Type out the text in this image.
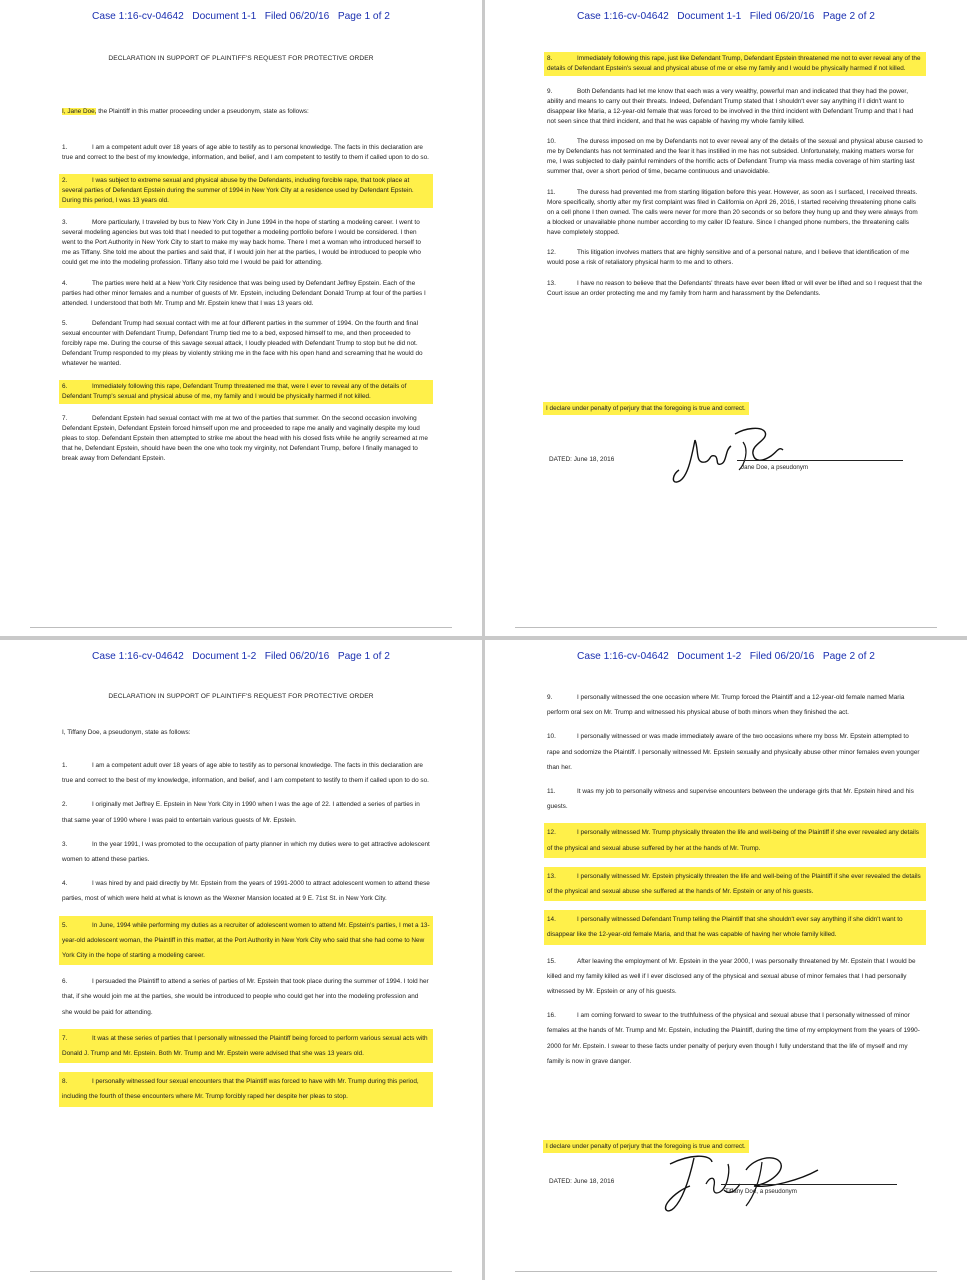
Case 1:16-cv-04642   Document 1-1   Filed 06/20/16   Page 1 of 2
DECLARATION IN SUPPORT OF PLAINTIFF'S REQUEST FOR PROTECTIVE ORDER

I, Jane Doe, the Plaintiff in this matter proceeding under a pseudonym, state as follows:

1.	I am a competent adult over 18 years of age able to testify as to personal knowledge. The facts in this declaration are true and correct to the best of my knowledge, information, and belief, and I am competent to testify to them if called upon to do so.

2.	I was subject to extreme sexual and physical abuse by the Defendants, including forcible rape, that took place at several parties of Defendant Epstein during the summer of 1994 in New York City at a residence used by Defendant Epstein. During this period, I was 13 years old.

3.	More particularly, I traveled by bus to New York City in June 1994 in the hope of starting a modeling career. I went to several modeling agencies but was told that I needed to put together a modeling portfolio before I would be considered. I then went to the Port Authority in New York City to start to make my way back home. There I met a woman who introduced herself to me as Tiffany. She told me about the parties and said that, if I would join her at the parties, I would be introduced to people who could get me into the modeling profession. Tiffany also told me I would be paid for attending.

4.	The parties were held at a New York City residence that was being used by Defendant Jeffrey Epstein. Each of the parties had other minor females and a number of guests of Mr. Epstein, including Defendant Donald Trump at four of the parties I attended. I understood that both Mr. Trump and Mr. Epstein knew that I was 13 years old.

5.	Defendant Trump had sexual contact with me at four different parties in the summer of 1994. On the fourth and final sexual encounter with Defendant Trump, Defendant Trump tied me to a bed, exposed himself to me, and then proceeded to forcibly rape me. During the course of this savage sexual attack, I loudly pleaded with Defendant Trump to stop but he did not. Defendant Trump responded to my pleas by violently striking me in the face with his open hand and screaming that he would do whatever he wanted.

6.	Immediately following this rape, Defendant Trump threatened me that, were I ever to reveal any of the details of Defendant Trump's sexual and physical abuse of me, my family and I would be physically harmed if not killed.

7.	Defendant Epstein had sexual contact with me at two of the parties that summer. On the second occasion involving Defendant Epstein, Defendant Epstein forced himself upon me and proceeded to rape me anally and vaginally despite my loud pleas to stop. Defendant Epstein then attempted to strike me about the head with his closed fists while he angrily screamed at me that he, Defendant Epstein, should have been the one who took my virginity, not Defendant Trump, before I finally managed to break away from Defendant Epstein.

Case 1:16-cv-04642   Document 1-1   Filed 06/20/16   Page 2 of 2

8.	Immediately following this rape, just like Defendant Trump, Defendant Epstein threatened me not to ever reveal any of the details of Defendant Epstein's sexual and physical abuse of me or else my family and I would be physically harmed if not killed.

9.	Both Defendants had let me know that each was a very wealthy, powerful man and indicated that they had the power, ability and means to carry out their threats. Indeed, Defendant Trump stated that I shouldn't ever say anything if I didn't want to disappear like Maria, a 12-year-old female that was forced to be involved in the third incident with Defendant Trump and that I had not seen since that third incident, and that he was capable of having my whole family killed.

10.	The duress imposed on me by Defendants not to ever reveal any of the details of the sexual and physical abuse caused to me by Defendants has not terminated and the fear it has instilled in me has not subsided. Unfortunately, making matters worse for me, I was subjected to daily painful reminders of the horrific acts of Defendant Trump via mass media coverage of him starting last summer that, over a short period of time, became continuous and unavoidable.

11.	The duress had prevented me from starting litigation before this year. However, as soon as I surfaced, I received threats. More specifically, shortly after my first complaint was filed in California on April 26, 2016, I started receiving threatening phone calls on a cell phone I then owned. The calls were never for more than 20 seconds or so before they hung up and they were always from a blocked or unavailable phone number according to my caller ID feature. Since I changed phone numbers, the threatening calls have completely stopped.

12.	This litigation involves matters that are highly sensitive and of a personal nature, and I believe that identification of me would pose a risk of retaliatory physical harm to me and to others.

13.	I have no reason to believe that the Defendants' threats have ever been lifted or will ever be lifted and so I request that the Court issue an order protecting me and my family from harm and harassment by the Defendants.

I declare under penalty of perjury that the foregoing is true and correct.
DATED: June 18, 2016
Jane Doe, a pseudonym
Case 1:16-cv-04642   Document 1-2   Filed 06/20/16   Page 1 of 2
DECLARATION IN SUPPORT OF PLAINTIFF'S REQUEST FOR PROTECTIVE ORDER

I, Tiffany Doe, a pseudonym, state as follows:

1.	I am a competent adult over 18 years of age able to testify as to personal knowledge. The facts in this declaration are true and correct to the best of my knowledge, information, and belief, and I am competent to testify to them if called upon to do so.

2.	I originally met Jeffrey E. Epstein in New York City in 1990 when I was the age of 22. I attended a series of parties in that same year of 1990 where I was paid to entertain various guests of Mr. Epstein.

3.	In the year 1991, I was promoted to the occupation of party planner in which my duties were to get attractive adolescent women to attend these parties.

4.	I was hired by and paid directly by Mr. Epstein from the years of 1991-2000 to attract adolescent women to attend these parties, most of which were held at what is known as the Wexner Mansion located at 9 E. 71st St. in New York City.

5.	In June, 1994 while performing my duties as a recruiter of adolescent women to attend Mr. Epstein's parties, I met a 13-year-old adolescent woman, the Plaintiff in this matter, at the Port Authority in New York City who said that she had come to New York City in the hope of starting a modeling career.

6.	I persuaded the Plaintiff to attend a series of parties of Mr. Epstein that took place during the summer of 1994. I told her that, if she would join me at the parties, she would be introduced to people who could get her into the modeling profession and she would be paid for attending.

7.	It was at these series of parties that I personally witnessed the Plaintiff being forced to perform various sexual acts with Donald J. Trump and Mr. Epstein. Both Mr. Trump and Mr. Epstein were advised that she was 13 years old.

8.	I personally witnessed four sexual encounters that the Plaintiff was forced to have with Mr. Trump during this period, including the fourth of these encounters where Mr. Trump forcibly raped her despite her pleas to stop.

Case 1:16-cv-04642   Document 1-2   Filed 06/20/16   Page 2 of 2

9.	I personally witnessed the one occasion where Mr. Trump forced the Plaintiff and a 12-year-old female named Maria perform oral sex on Mr. Trump and witnessed his physical abuse of both minors when they finished the act.

10.	I personally witnessed or was made immediately aware of the two occasions where my boss Mr. Epstein attempted to rape and sodomize the Plaintiff. I personally witnessed Mr. Epstein sexually and physically abuse other minor females even younger than her.

11.	It was my job to personally witness and supervise encounters between the underage girls that Mr. Epstein hired and his guests.

12.	I personally witnessed Mr. Trump physically threaten the life and well-being of the Plaintiff if she ever revealed any details of the physical and sexual abuse suffered by her at the hands of Mr. Trump.

13.	I personally witnessed Mr. Epstein physically threaten the life and well-being of the Plaintiff if she ever revealed the details of the physical and sexual abuse she suffered at the hands of Mr. Epstein or any of his guests.

14.	I personally witnessed Defendant Trump telling the Plaintiff that she shouldn't ever say anything if she didn't want to disappear like the 12-year-old female Maria, and that he was capable of having her whole family killed.

15.	After leaving the employment of Mr. Epstein in the year 2000, I was personally threatened by Mr. Epstein that I would be killed and my family killed as well if I ever disclosed any of the physical and sexual abuse of minor females that I had personally witnessed by Mr. Epstein or any of his guests.

16.	I am coming forward to swear to the truthfulness of the physical and sexual abuse that I personally witnessed of minor females at the hands of Mr. Trump and Mr. Epstein, including the Plaintiff, during the time of my employment from the years of 1990-2000 for Mr. Epstein. I swear to these facts under penalty of perjury even though I fully understand that the life of myself and my family is now in grave danger.

I declare under penalty of perjury that the foregoing is true and correct.
DATED: June 18, 2016
Tiffany Doe, a pseudonym
